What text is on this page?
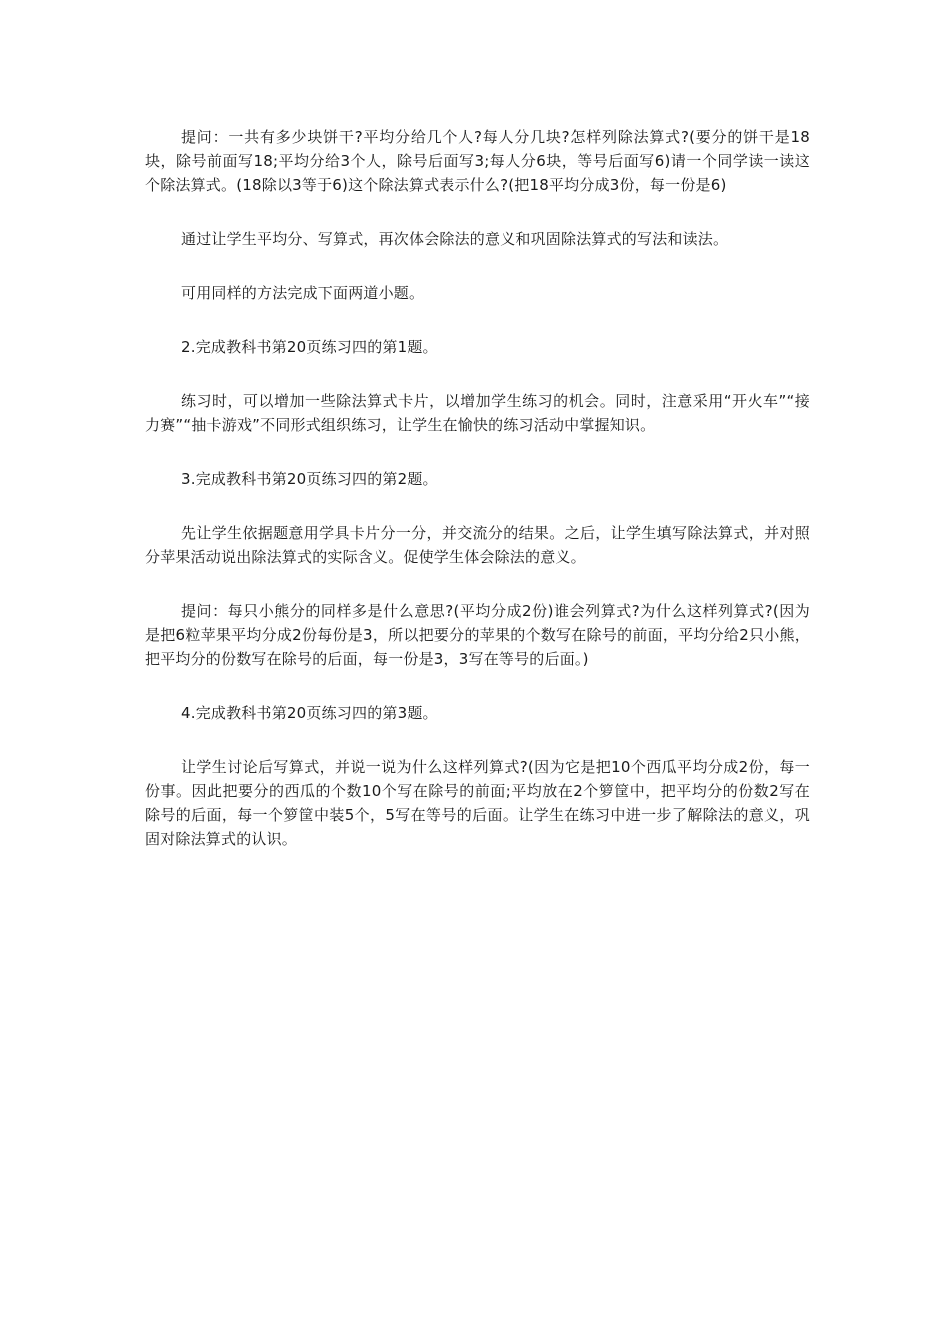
提问：一共有多少块饼干?平均分给几个人?每人分几块?怎样列除法算式?(要分的饼干是18块，除号前面写18;平均分给3个人，除号后面写3;每人分6块，等号后面写6)请一个同学读一读这个除法算式。(18除以3等于6)这个除法算式表示什么?(把18平均分成3份，每一份是6)

通过让学生平均分、写算式，再次体会除法的意义和巩固除法算式的写法和读法。

可用同样的方法完成下面两道小题。

2.完成教科书第20页练习四的第1题。

练习时，可以增加一些除法算式卡片，以增加学生练习的机会。同时，注意采用“开火车”“接力赛”“抽卡游戏”不同形式组织练习，让学生在愉快的练习活动中掌握知识。

3.完成教科书第20页练习四的第2题。

先让学生依据题意用学具卡片分一分，并交流分的结果。之后，让学生填写除法算式，并对照分苹果活动说出除法算式的实际含义。促使学生体会除法的意义。

提问：每只小熊分的同样多是什么意思?(平均分成2份)谁会列算式?为什么这样列算式?(因为是把6粒苹果平均分成2份每份是3，所以把要分的苹果的个数写在除号的前面，平均分给2只小熊，把平均分的份数写在除号的后面，每一份是3，3写在等号的后面。)

4.完成教科书第20页练习四的第3题。

让学生讨论后写算式，并说一说为什么这样列算式?(因为它是把10个西瓜平均分成2份，每一份事。因此把要分的西瓜的个数10个写在除号的前面;平均放在2个箩筐中，把平均分的份数2写在除号的后面，每一个箩筐中装5个，5写在等号的后面。让学生在练习中进一步了解除法的意义，巩固对除法算式的认识。
